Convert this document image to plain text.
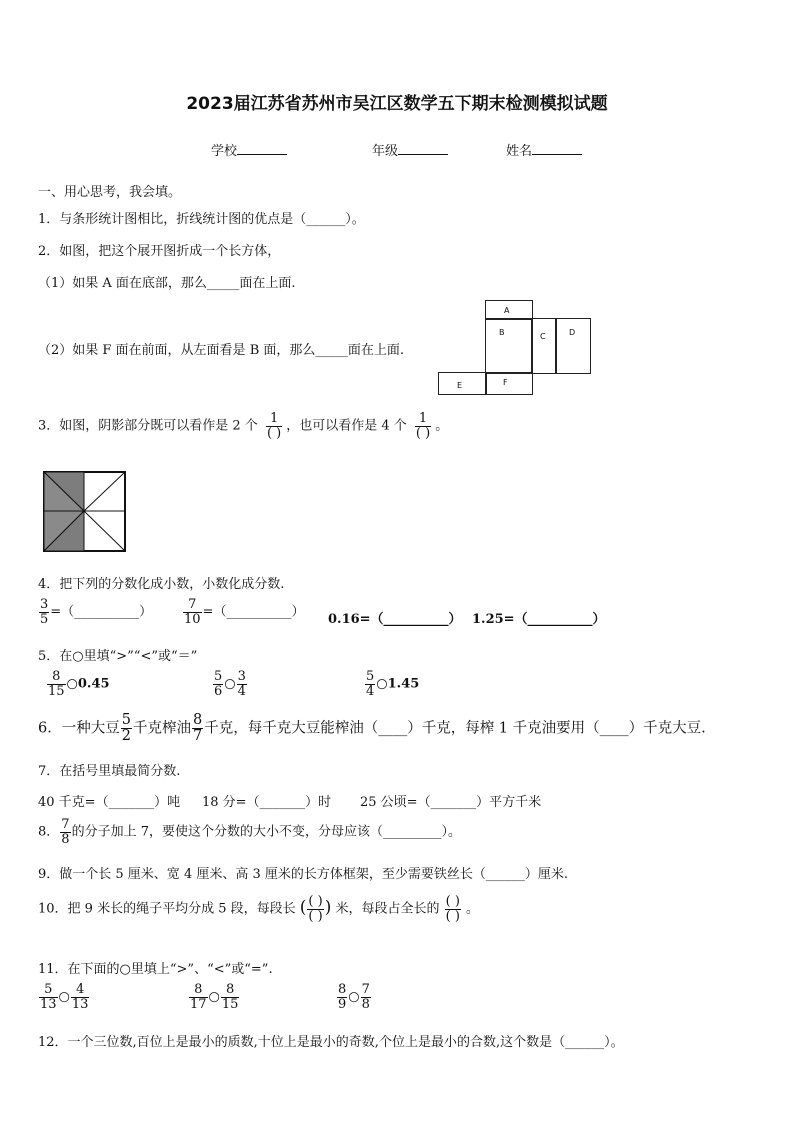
2023届江苏省苏州市吴江区数学五下期末检测模拟试题
学校	年级	姓名
一、用心思考，我会填。
1．与条形统计图相比，折线统计图的优点是（______）。
2．如图，把这个展开图折成一个长方体，
（1）如果 A 面在底部，那么_____面在上面.
（2）如果 F 面在前面，从左面看是 B 面，那么_____面在上面.
A
B	C	D
E	F
3．如图，阴影部分既可以看作是 2 个 $\frac{1}{( )}$ ，也可以看作是 4 个 $\frac{1}{( )}$ 。
4．把下列的分数化成小数，小数化成分数.
$\frac{3}{5}$ =（__________） $\frac{7}{10}$ =（__________） 0.16=（__________） 1.25=（__________）
5．在○里填“>”“<”或“＝”
$\frac{8}{15}$ ○0.45	$\frac{5}{6}$ ○ $\frac{3}{4}$	$\frac{5}{4}$ ○1.45
6．一种大豆 $\frac{5}{2}$ 千克榨油 $\frac{8}{7}$ 千克，每千克大豆能榨油（____）千克，每榨 1 千克油要用（____）千克大豆.
7．在括号里填最简分数.
40 千克=（_______）吨 18 分=（_______）时 25 公顷=（_______）平方千米
8． $\frac{7}{8}$ 的分子加上 7，要使这个分数的大小不变，分母应该（_________）。
9．做一个长 5 厘米、宽 4 厘米、高 3 厘米的长方体框架，至少需要铁丝长（______）厘米.
10．把 9 米长的绳子平均分成 5 段，每段长 ( $\frac{( )}{( )}$ ) 米，每段占全长的 $\frac{( )}{( )}$ 。
11．在下面的○里填上“>”、“<”或“=”.
$\frac{5}{13}$ ○ $\frac{4}{13}$	$\frac{8}{17}$ ○ $\frac{8}{15}$	$\frac{8}{9}$ ○ $\frac{7}{8}$
12．一个三位数,百位上是最小的质数,十位上是最小的奇数,个位上是最小的合数,这个数是（______）。
